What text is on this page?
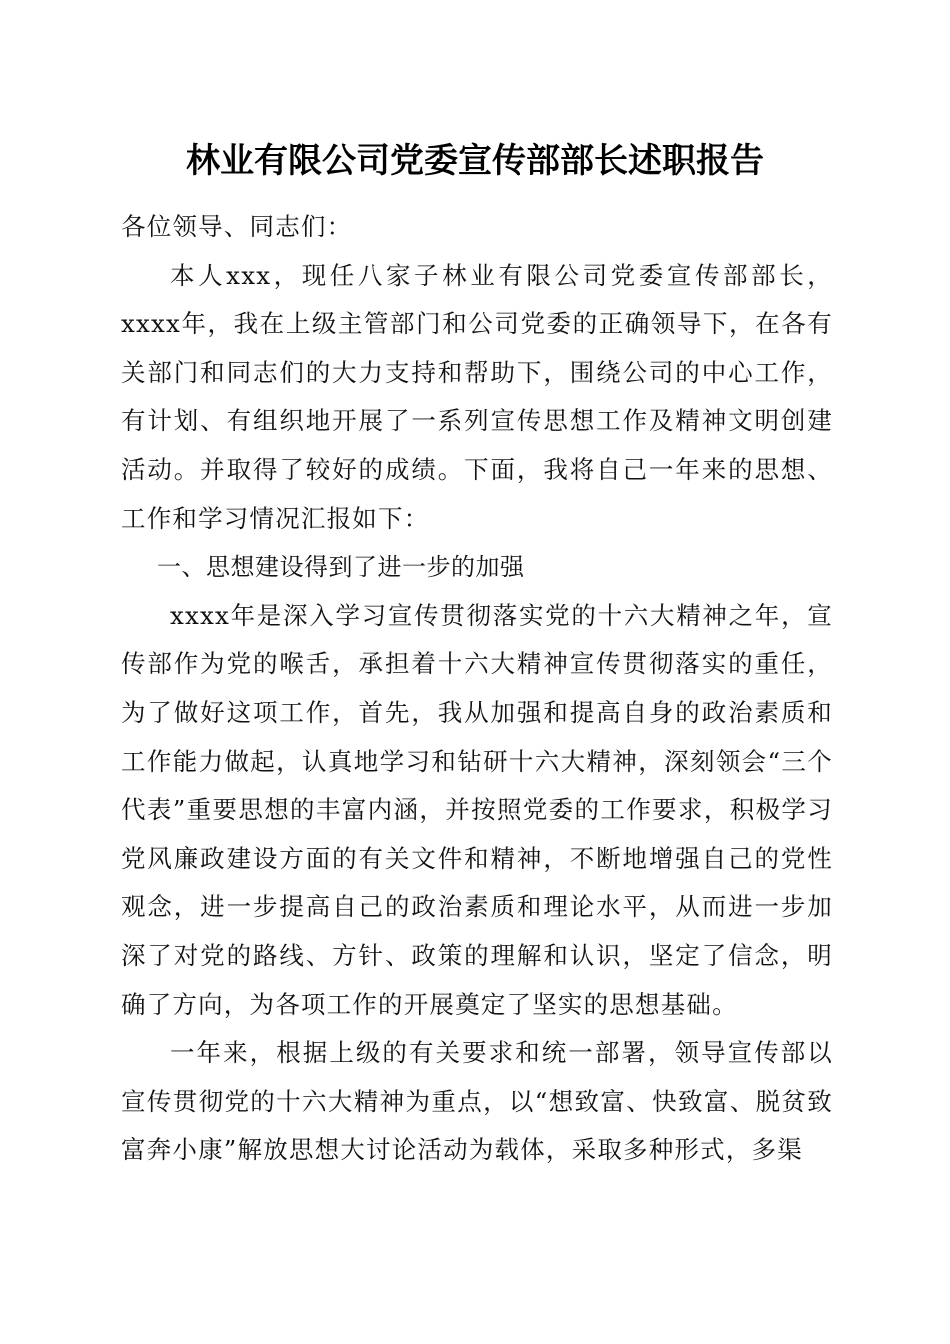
林业有限公司党委宣传部部长述职报告

各位领导、同志们：

本人xxx，现任八家子林业有限公司党委宣传部部长，xxxx年，我在上级主管部门和公司党委的正确领导下，在各有关部门和同志们的大力支持和帮助下，围绕公司的中心工作，有计划、有组织地开展了一系列宣传思想工作及精神文明创建活动。并取得了较好的成绩。下面，我将自己一年来的思想、工作和学习情况汇报如下：

一、思想建设得到了进一步的加强

xxxx年是深入学习宣传贯彻落实党的十六大精神之年，宣传部作为党的喉舌，承担着十六大精神宣传贯彻落实的重任，为了做好这项工作，首先，我从加强和提高自身的政治素质和工作能力做起，认真地学习和钻研十六大精神，深刻领会“三个代表”重要思想的丰富内涵，并按照党委的工作要求，积极学习党风廉政建设方面的有关文件和精神，不断地增强自己的党性观念，进一步提高自己的政治素质和理论水平，从而进一步加深了对党的路线、方针、政策的理解和认识，坚定了信念，明确了方向，为各项工作的开展奠定了坚实的思想基础。

一年来，根据上级的有关要求和统一部署，领导宣传部以宣传贯彻党的十六大精神为重点，以“想致富、快致富、脱贫致富奔小康”解放思想大讨论活动为载体，采取多种形式，多渠
